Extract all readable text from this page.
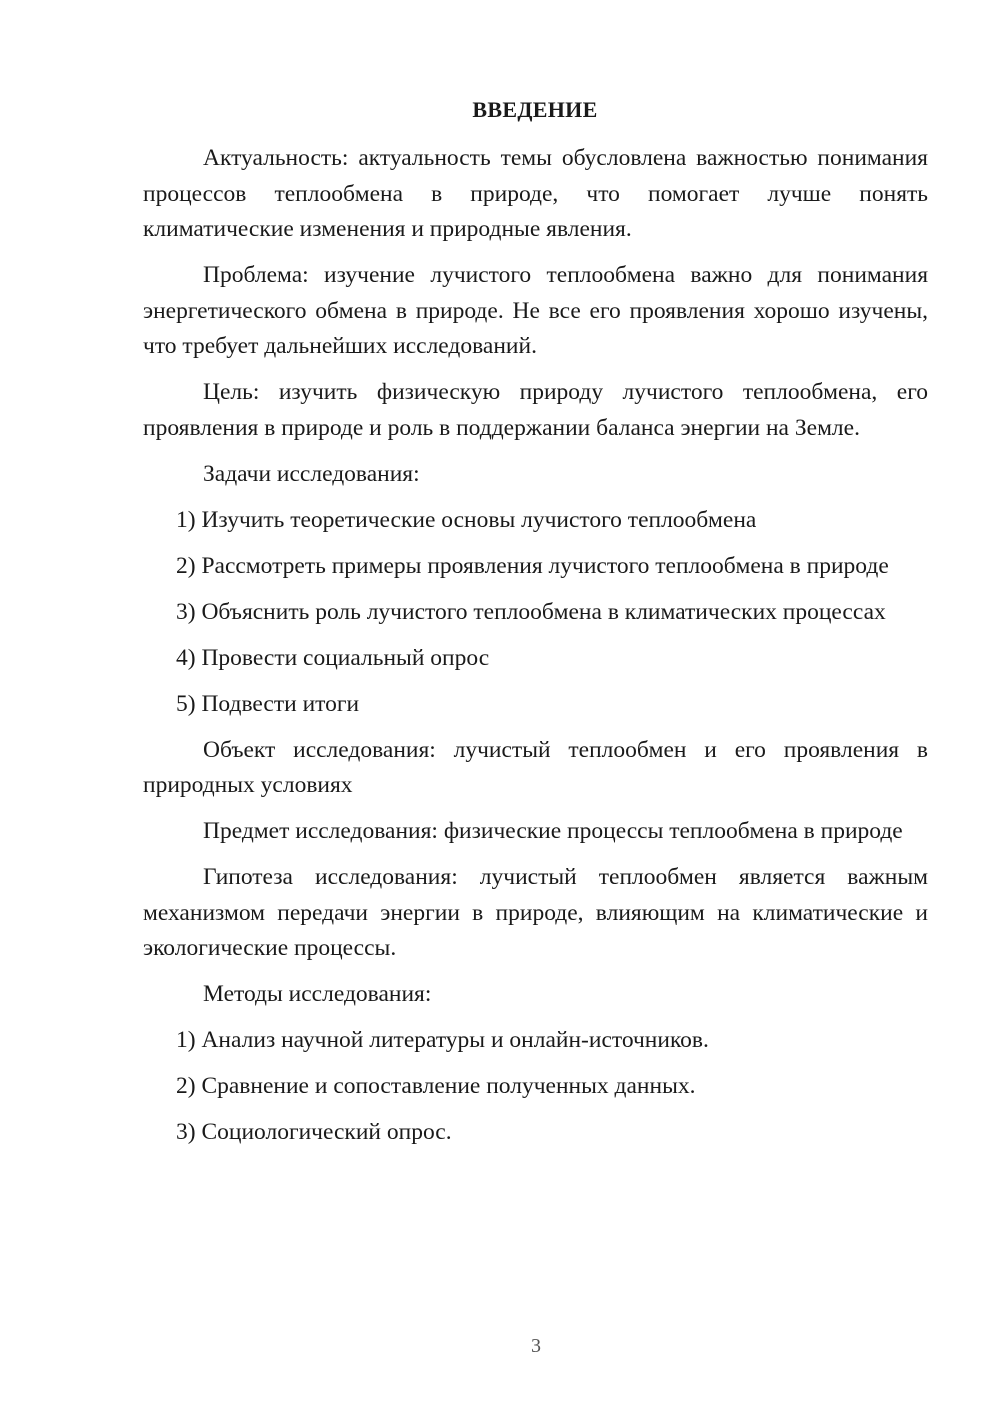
ВВЕДЕНИЕ

Актуальность: актуальность темы обусловлена важностью понимания процессов теплообмена в природе, что помогает лучше понять климатические изменения и природные явления.

Проблема: изучение лучистого теплообмена важно для понимания энергетического обмена в природе. Не все его проявления хорошо изучены, что требует дальнейших исследований.

Цель: изучить физическую природу лучистого теплообмена, его проявления в природе и роль в поддержании баланса энергии на Земле.

Задачи исследования:

1) Изучить теоретические основы лучистого теплообмена

2) Рассмотреть примеры проявления лучистого теплообмена в природе

3) Объяснить роль лучистого теплообмена в климатических процессах

4) Провести социальный опрос

5) Подвести итоги

Объект исследования: лучистый теплообмен и его проявления в природных условиях

Предмет исследования: физические процессы теплообмена в природе

Гипотеза исследования: лучистый теплообмен является важным механизмом передачи энергии в природе, влияющим на климатические и экологические процессы.

Методы исследования:

1) Анализ научной литературы и онлайн-источников.

2) Сравнение и сопоставление полученных данных.

3) Социологический опрос.

3
